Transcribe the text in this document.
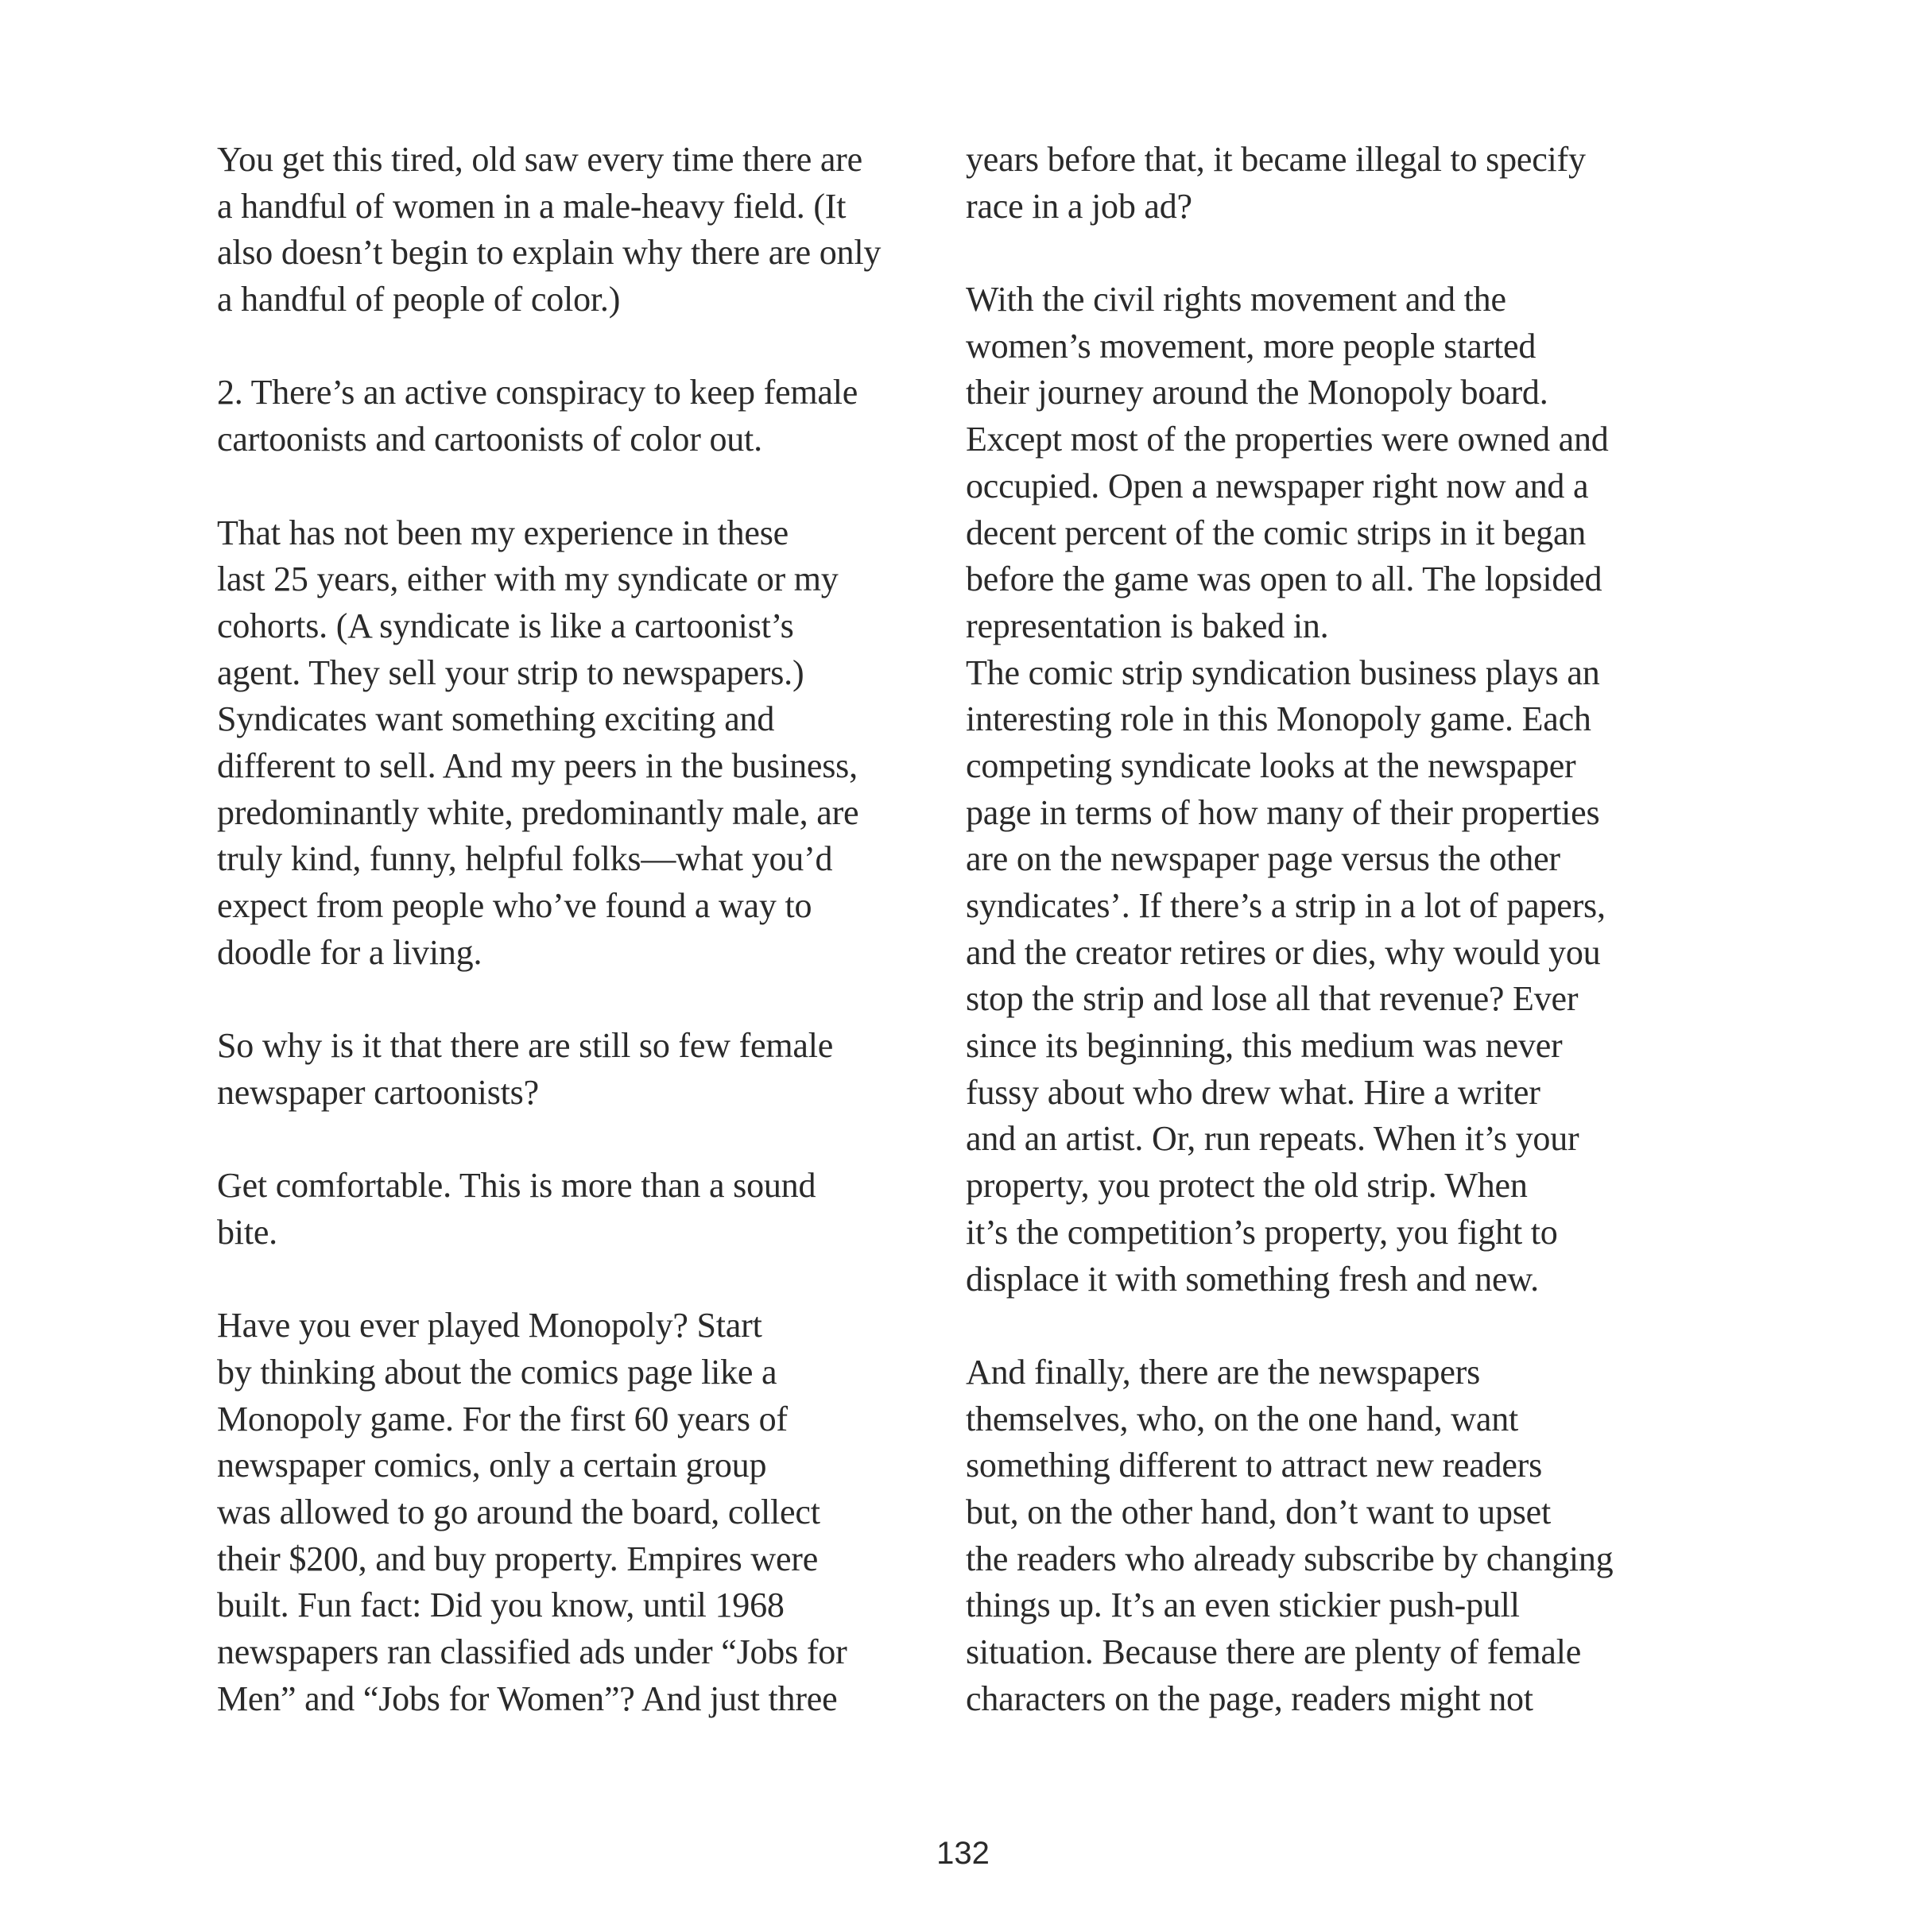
You get this tired, old saw every time there are
a handful of women in a male-heavy field. (It
also doesn’t begin to explain why there are only
a handful of people of color.)
2. There’s an active conspiracy to keep female
cartoonists and cartoonists of color out.
That has not been my experience in these
last 25 years, either with my syndicate or my
cohorts. (A syndicate is like a cartoonist’s
agent. They sell your strip to newspapers.)
Syndicates want something exciting and
different to sell. And my peers in the business,
predominantly white, predominantly male, are
truly kind, funny, helpful folks—what you’d
expect from people who’ve found a way to
doodle for a living.
So why is it that there are still so few female
newspaper cartoonists?
Get comfortable. This is more than a sound
bite.
Have you ever played Monopoly? Start
by thinking about the comics page like a
Monopoly game. For the first 60 years of
newspaper comics, only a certain group
was allowed to go around the board, collect
their $200, and buy property. Empires were
built. Fun fact: Did you know, until 1968
newspapers ran classified ads under “Jobs for
Men” and “Jobs for Women”? And just three
years before that, it became illegal to specify
race in a job ad?
With the civil rights movement and the
women’s movement, more people started
their journey around the Monopoly board.
Except most of the properties were owned and
occupied. Open a newspaper right now and a
decent percent of the comic strips in it began
before the game was open to all. The lopsided
representation is baked in.
The comic strip syndication business plays an
interesting role in this Monopoly game. Each
competing syndicate looks at the newspaper
page in terms of how many of their properties
are on the newspaper page versus the other
syndicates’. If there’s a strip in a lot of papers,
and the creator retires or dies, why would you
stop the strip and lose all that revenue? Ever
since its beginning, this medium was never
fussy about who drew what. Hire a writer
and an artist. Or, run repeats. When it’s your
property, you protect the old strip. When
it’s the competition’s property, you fight to
displace it with something fresh and new.
And finally, there are the newspapers
themselves, who, on the one hand, want
something different to attract new readers
but, on the other hand, don’t want to upset
the readers who already subscribe by changing
things up. It’s an even stickier push-pull
situation. Because there are plenty of female
characters on the page, readers might not
132
